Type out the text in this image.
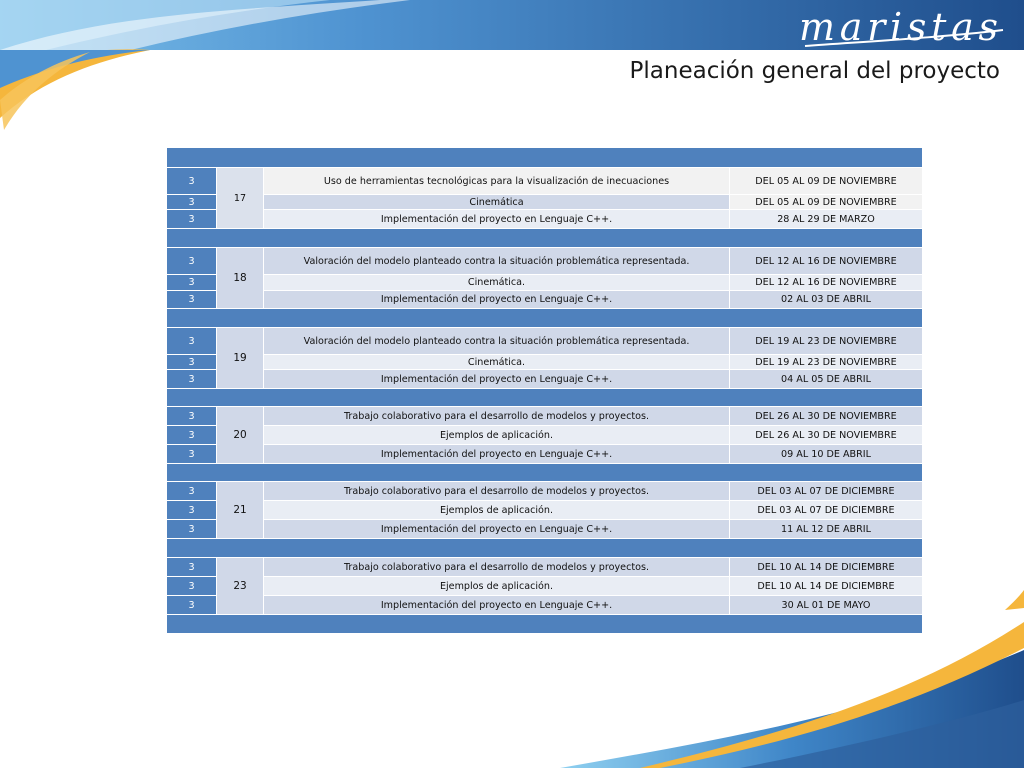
maristas
Planeación general del proyecto

3	17	Uso de herramientas tecnológicas para la visualización de inecuaciones	DEL 05 AL 09 DE NOVIEMBRE
3		Cinemática	DEL 05 AL 09 DE NOVIEMBRE
3		Implementación del proyecto en Lenguaje C++.	28 AL 29 DE MARZO

3	18	Valoración del modelo planteado contra la situación problemática representada.	DEL 12 AL 16 DE NOVIEMBRE
3		Cinemática.	DEL 12 AL 16 DE NOVIEMBRE
3		Implementación del proyecto en Lenguaje C++.	02 AL 03 DE ABRIL

3	19	Valoración del modelo planteado contra la situación problemática representada.	DEL 19 AL 23 DE NOVIEMBRE
3		Cinemática.	DEL 19 AL 23 DE NOVIEMBRE
3		Implementación del proyecto en Lenguaje C++.	04 AL 05 DE ABRIL

3	20	Trabajo colaborativo para el desarrollo de modelos y proyectos.	DEL 26 AL 30 DE NOVIEMBRE
3		Ejemplos de aplicación.	DEL 26 AL 30 DE NOVIEMBRE
3		Implementación del proyecto en Lenguaje C++.	09 AL 10 DE ABRIL

3	21	Trabajo colaborativo para el desarrollo de modelos y proyectos.	DEL 03 AL 07 DE DICIEMBRE
3		Ejemplos de aplicación.	DEL 03 AL 07 DE DICIEMBRE
3		Implementación del proyecto en Lenguaje C++.	11 AL 12 DE ABRIL

3	23	Trabajo colaborativo para el desarrollo de modelos y proyectos.	DEL 10 AL 14 DE DICIEMBRE
3		Ejemplos de aplicación.	DEL 10 AL 14 DE DICIEMBRE
3		Implementación del proyecto en Lenguaje C++.	30 AL 01 DE MAYO
